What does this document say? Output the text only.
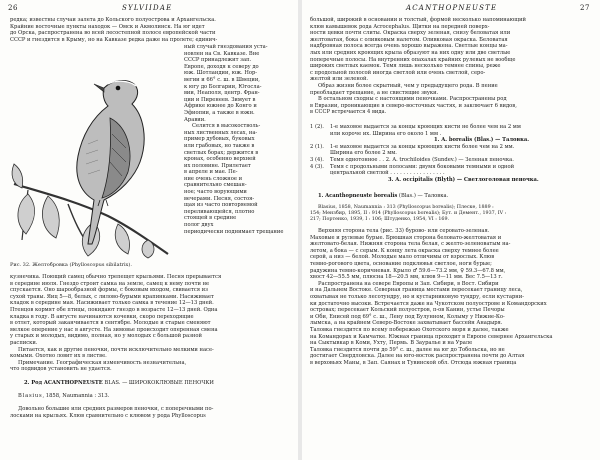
26	SYLVIIDAE

редка; известны случаи залета до Кольского полуострова и Архангельска.

Крайние восточные пункты находок — Омск и Акмолинск. На юг идет

до Орска, распространена во всей лесостепной полосе европейской части

СССР и гнездится в Крыму, но на Кавказе редка даже на пролете; единич-

ный случай гнездования уста-

новлен на Св. Кавказе. Вне

СССР принадлежит зап.

Европе, доходя к северу до

юж. Шотландии, юж. Нор-

вегии и 66° с. ш. в Швеции,

к югу до Болгарии, Югосла-

вии, Неаполя, центр. Фран-

ции и Пиренеев. Зимует в

Африке южнее до Конго и

Эфиопии, а также в южн.

Аравии.

Селится в высокостволь-

ных лиственных лесах, на-

пример дубовых, буковых

или грабовых, но также в

светлых борах; держится в

кронах, особенно верхней

их половине. Прилетает

в апреле и мае. Пе-

ние очень сложное и

сравнительно смешан-

ное; часто ворующими

вечерами. Песня, состоя-

щая из часто повторяемой

переливающейся, плотно

стоящей в средине

полог двух

периодически поднимает трещание

Рис. 32. Желтобровка (Phylloscopus sibilatrix).

кузнечика. Поющий самец обычно трепещет крыльями. Песня прерывается

в середине июля. Гнездо строит самка на земле, самец к нему почти не

спускается. Оно шарообразной формы, с боковым входом, свивается из

сухой травы. Яиц 5—8, белых, с лилово-бурыми крапинками. Насиживает

кладок в середине мая. Насиживает только самка в течение 12—13 дней.

Птенцов кормят обе птицы, покидают гнездо в возрасте 12—13 дней. Одна

кладка в году. В августе начинаются кочевки, скоро переходящие

в отлет, который заканчивается в сентябре. Молодые и старые сменяют

мелкое оперение у нас в августе. На зимовье происходит оперенная смена

у старых и молодых, видимо, полная, но у молодых с большой разной

расписки.

Питается, как и другие пеночки, почти исключительно мелкими насе-

комыми. Охотно ловит их в листве.

Примечание. Географическая изменчивость незначительна,

что подвидов установить не удается.

2. Род ACANTHOPNEUSTE BLAS. — ШИРОКОКЛЮВЫЕ ПЕНОЧКИ

Blasius, 1858, Naumannia : 313.

Довольно большие или средних размеров пеночки, с поперечными по-

лосками на крыльях. Клюв сравнительно с клювом у рода Phylloscopus

ACANTHOPNEUSTE	27

большой, широкий в основании и толстый, формой несколько напоминающий

клюв камышевок рода Acrocephalus. Щитки на передней поверх-

ности цевки почти слиты. Окраска сверху зеленая, снизу беловатая или

желтоватая, бока с оливковым налетом. Оливковая окраска. Беловатая

надбровная полоса всегда очень хорошо выражена. Светлые концы ма-

лых или средних кроющих крыла образуют на них одну или две светлые

поперечные полосы. На внутренних опахалах крайних рулевых не вообще

широких светлых каемок. Темя лишь несколько темнее спины, реже

с продольной полосой иногда светлой или очень светлой, серо-

желтой или зеленой.

Образ жизни более скрытный, чем у предыдущего рода. В пение

преобладает трещание, а не свистящие звуки.

В остальном сходны с настоящими пеночками. Распространены род

в Евразии, проникающие в северо-восточных частях, и заключает 6 видов,

в СССР встречается 4 вида.

1 (2). 1-е маховое выдается за концы кроющих кисти не более чем на 2 мм
или короче их. Ширина его около 1 мм .
1. A. borealis (Blas.) — Таловка.
2 (1). 1-е маховое выдается за концы кроющих кисти более чем на 2 мм.
Ширина его более 2 мм.
3 (4). Темя однотонное . . 2. A. trochiloides (Sundev.) — Зеленая пеночка.
4 (3). Темя с продольными полосами: двумя боковыми темными и одной
центральной светлой . . . . . . . . . . . . . . . . .
3. A. occipitalis (Blyth) — Светлоголовая пеночка.

1. Acanthopneuste borealis (Blas.) — Таловка.

Blasius, 1858, Naumannia : 313 (Phylloscopus borealis); Плеске, 1889 :

154; Мензбир, 1895, II : 914 (Phylloscopus borealis); Бут. и Демент., 1937, IV :

217; Портенко, 1939, I : 106; Штуденко, 1954, VI : 169.

Верхняя сторона тела (рис. 33) бурово- или серовато-зеленая.

Маховые и рулевые бурые. Брюшная сторона беловато-желтоватая и

желтовато-белая. Нижняя сторона тела белая, с желто-зеленоватым на-

летом, а бока — с серым. К концу лета окраска сверху темнее более

серой, а низ — белой. Молодые мало отличимы от взрослых. Клюв

темно-рогового цвета, основание подклювья светлое, ноги бурые;

радужина темно-коричневая. Крыло ♂ 59.6—73.2 мм, ♀ 59.3—67.8 мм,

хвост 42—55.5 мм, плюсна 18—20.5 мм, клюв 9—11 мм. Вес 7.5—13 г.

Распространена на севере Европы и Зап. Сибири, в Вост. Сибири

и на Дальнем Востоке. Северная граница местами пересекает границу леса,

охватывая не только лесотундру, но и кустарниковую тундру, если кустарни-

ки достаточно высоки. Встречается даже на Чукотском полуострове и Командорских

островах; пересекает Кольский полуостров, п-ов Канин, устье Печоры

и Оби, Енисей под 69° с. ш., Лену под Булунном, Колыму у Нижне-Ко-

лымска, а на крайнем Северо-Востоке захватывает бассейн Анадыря.

Таловка гнездится по всему побережью Охотского моря и далее, также

на Командорах и Камчатке. Южная граница проходит в Европе севернее Архангельска

на Сыктывкар в Коми, Ухту, Пермь. В Зауралье и на Урале

Таловка гнездится почти до 59° с. ш., далее на юг до Тобольска, но не

достигает Свердловска. Далее на юго-восток распространена почти до Алтая

в верховьях Маны, в Зап. Саянах и Тувинской обл. Отсюда южная граница
